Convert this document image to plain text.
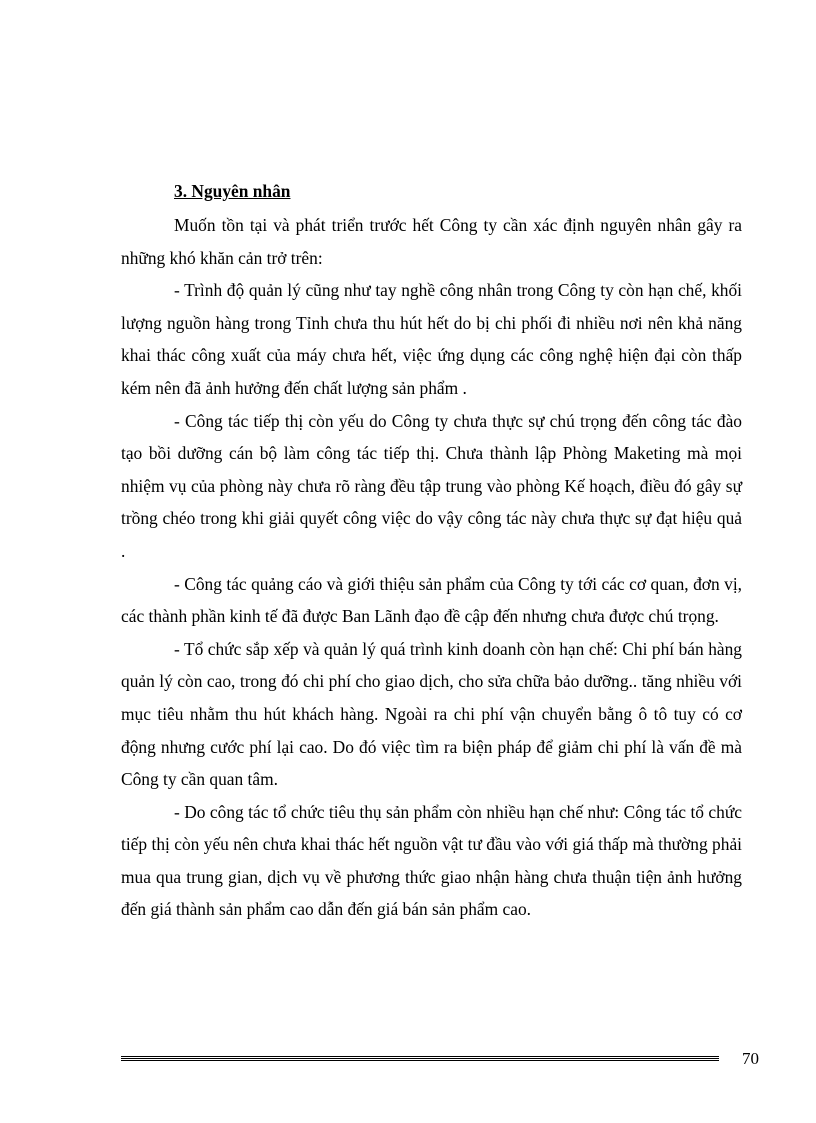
3. Nguyên nhân

Muốn tồn tại và phát triển trước hết Công ty cần xác định nguyên nhân gây ra những khó khăn cản trở trên:

- Trình độ quản lý cũng như tay nghề công nhân trong Công ty còn hạn chế, khối lượng nguồn hàng trong Tỉnh chưa thu hút hết do bị chi phối đi nhiều nơi nên khả năng khai thác công xuất của máy chưa hết, việc ứng dụng các công nghệ hiện đại còn thấp kém nên đã ảnh hưởng đến chất lượng sản phẩm .

- Công tác tiếp thị còn yếu do Công ty chưa thực sự chú trọng đến công tác đào tạo bồi dưỡng cán bộ làm công tác tiếp thị. Chưa thành lập Phòng Maketing mà mọi nhiệm vụ của phòng này chưa rõ ràng đều tập trung vào phòng Kế hoạch, điều đó gây sự trồng chéo trong khi giải quyết công việc do vậy công tác này chưa thực sự đạt hiệu quả .

- Công tác quảng cáo và giới thiệu sản phẩm của Công ty tới các cơ quan, đơn vị, các thành phần kinh tế đã được Ban Lãnh đạo đề cập đến nhưng chưa được chú trọng.

- Tổ chức sắp xếp và quản lý quá trình kinh doanh còn hạn chế: Chi phí bán hàng quản lý còn cao, trong đó chi phí cho giao dịch, cho sửa chữa bảo dưỡng.. tăng nhiều với mục tiêu nhằm thu hút khách hàng. Ngoài ra chi phí vận chuyển bằng ô tô tuy có cơ động nhưng cước phí lại cao. Do đó việc tìm ra biện pháp để giảm chi phí là vấn đề mà Công ty cần quan tâm.

- Do công tác tổ chức tiêu thụ sản phẩm còn nhiều hạn chế như: Công tác tổ chức tiếp thị còn yếu nên chưa khai thác hết nguồn vật tư đầu vào với giá thấp mà thường phải mua qua trung gian, dịch vụ về phương thức giao nhận hàng chưa thuận tiện ảnh hưởng đến giá thành sản phẩm cao dẫn đến giá bán sản phẩm cao.

70
